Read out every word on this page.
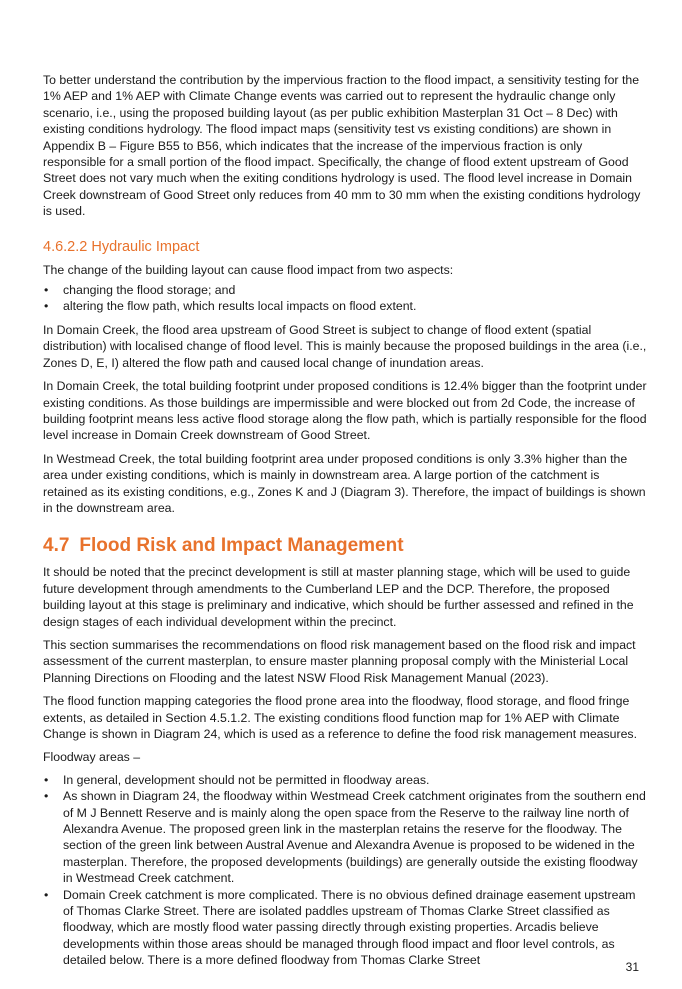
To better understand the contribution by the impervious fraction to the flood impact, a sensitivity testing for the 1% AEP and 1% AEP with Climate Change events was carried out to represent the hydraulic change only scenario, i.e., using the proposed building layout (as per public exhibition Masterplan 31 Oct – 8 Dec) with existing conditions hydrology. The flood impact maps (sensitivity test vs existing conditions) are shown in Appendix B – Figure B55 to B56, which indicates that the increase of the impervious fraction is only responsible for a small portion of the flood impact. Specifically, the change of flood extent upstream of Good Street does not vary much when the exiting conditions hydrology is used. The flood level increase in Domain Creek downstream of Good Street only reduces from 40 mm to 30 mm when the existing conditions hydrology is used.

4.6.2.2 Hydraulic Impact

The change of the building layout can cause flood impact from two aspects:

• changing the flood storage; and
• altering the flow path, which results local impacts on flood extent.

In Domain Creek, the flood area upstream of Good Street is subject to change of flood extent (spatial distribution) with localised change of flood level. This is mainly because the proposed buildings in the area (i.e., Zones D, E, I) altered the flow path and caused local change of inundation areas.

In Domain Creek, the total building footprint under proposed conditions is 12.4% bigger than the footprint under existing conditions. As those buildings are impermissible and were blocked out from 2d Code, the increase of building footprint means less active flood storage along the flow path, which is partially responsible for the flood level increase in Domain Creek downstream of Good Street.

In Westmead Creek, the total building footprint area under proposed conditions is only 3.3% higher than the area under existing conditions, which is mainly in downstream area. A large portion of the catchment is retained as its existing conditions, e.g., Zones K and J (Diagram 3). Therefore, the impact of buildings is shown in the downstream area.

4.7 Flood Risk and Impact Management

It should be noted that the precinct development is still at master planning stage, which will be used to guide future development through amendments to the Cumberland LEP and the DCP. Therefore, the proposed building layout at this stage is preliminary and indicative, which should be further assessed and refined in the design stages of each individual development within the precinct.

This section summarises the recommendations on flood risk management based on the flood risk and impact assessment of the current masterplan, to ensure master planning proposal comply with the Ministerial Local Planning Directions on Flooding and the latest NSW Flood Risk Management Manual (2023).

The flood function mapping categories the flood prone area into the floodway, flood storage, and flood fringe extents, as detailed in Section 4.5.1.2. The existing conditions flood function map for 1% AEP with Climate Change is shown in Diagram 24, which is used as a reference to define the food risk management measures.

Floodway areas –

• In general, development should not be permitted in floodway areas.
• As shown in Diagram 24, the floodway within Westmead Creek catchment originates from the southern end of M J Bennett Reserve and is mainly along the open space from the Reserve to the railway line north of Alexandra Avenue. The proposed green link in the masterplan retains the reserve for the floodway. The section of the green link between Austral Avenue and Alexandra Avenue is proposed to be widened in the masterplan. Therefore, the proposed developments (buildings) are generally outside the existing floodway in Westmead Creek catchment.
• Domain Creek catchment is more complicated. There is no obvious defined drainage easement upstream of Thomas Clarke Street. There are isolated paddles upstream of Thomas Clarke Street classified as floodway, which are mostly flood water passing directly through existing properties. Arcadis believe developments within those areas should be managed through flood impact and floor level controls, as detailed below. There is a more defined floodway from Thomas Clarke Street	31
